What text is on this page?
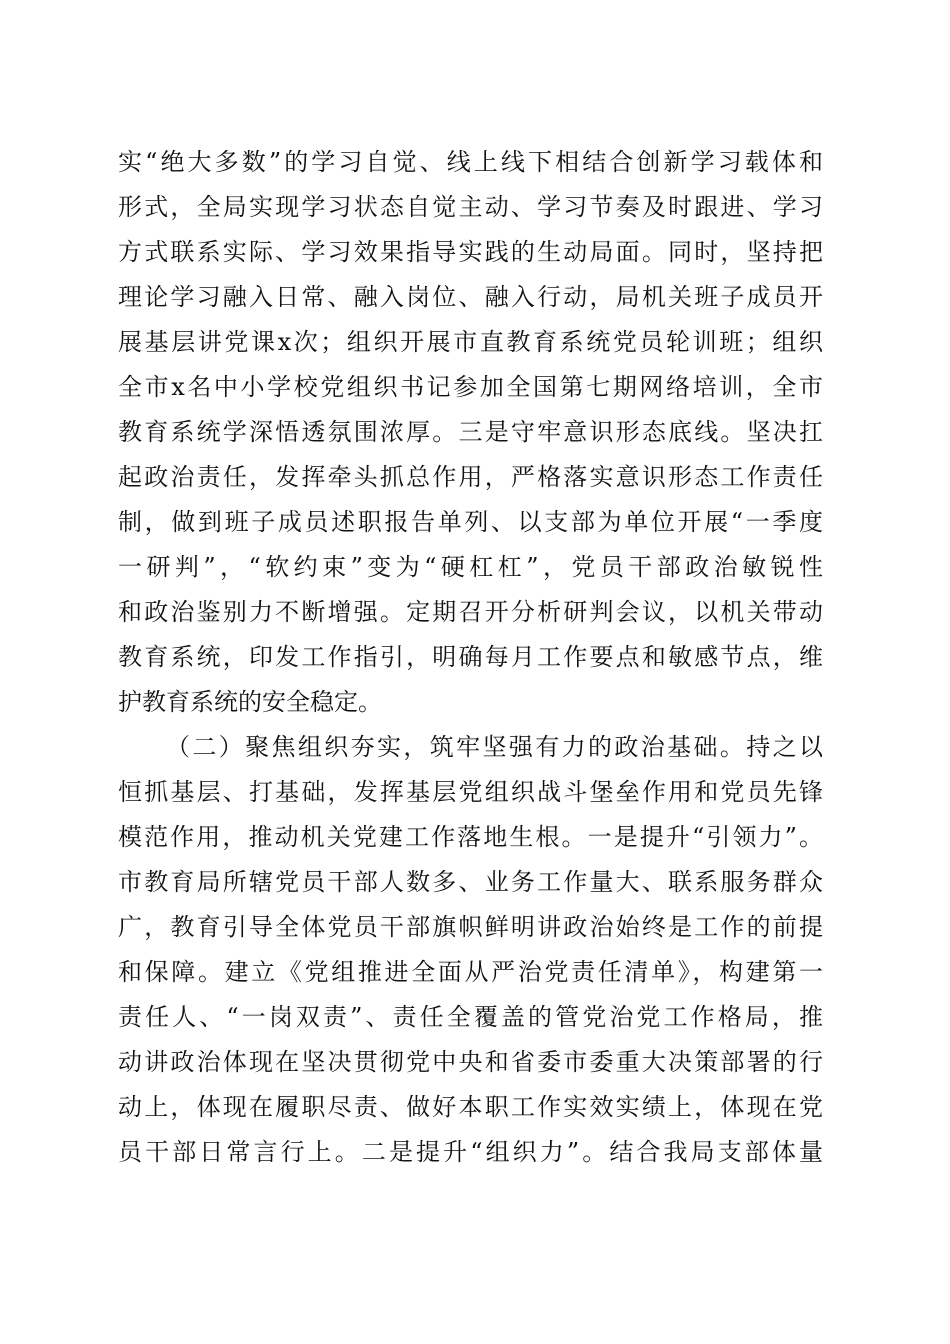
实“绝大多数”的学习自觉、线上线下相结合创新学习载体和
形式，全局实现学习状态自觉主动、学习节奏及时跟进、学习
方式联系实际、学习效果指导实践的生动局面。同时，坚持把
理论学习融入日常、融入岗位、融入行动，局机关班子成员开
展基层讲党课x次；组织开展市直教育系统党员轮训班；组织
全市x名中小学校党组织书记参加全国第七期网络培训，全市
教育系统学深悟透氛围浓厚。三是守牢意识形态底线。坚决扛
起政治责任，发挥牵头抓总作用，严格落实意识形态工作责任
制，做到班子成员述职报告单列、以支部为单位开展“一季度
一研判”，“软约束”变为“硬杠杠”，党员干部政治敏锐性
和政治鉴别力不断增强。定期召开分析研判会议，以机关带动
教育系统，印发工作指引，明确每月工作要点和敏感节点，维
护教育系统的安全稳定。
（二）聚焦组织夯实，筑牢坚强有力的政治基础。持之以
恒抓基层、打基础，发挥基层党组织战斗堡垒作用和党员先锋
模范作用，推动机关党建工作落地生根。一是提升“引领力”。
市教育局所辖党员干部人数多、业务工作量大、联系服务群众
广，教育引导全体党员干部旗帜鲜明讲政治始终是工作的前提
和保障。建立《党组推进全面从严治党责任清单》，构建第一
责任人、“一岗双责”、责任全覆盖的管党治党工作格局，推
动讲政治体现在坚决贯彻党中央和省委市委重大决策部署的行
动上，体现在履职尽责、做好本职工作实效实绩上，体现在党
员干部日常言行上。二是提升“组织力”。结合我局支部体量
